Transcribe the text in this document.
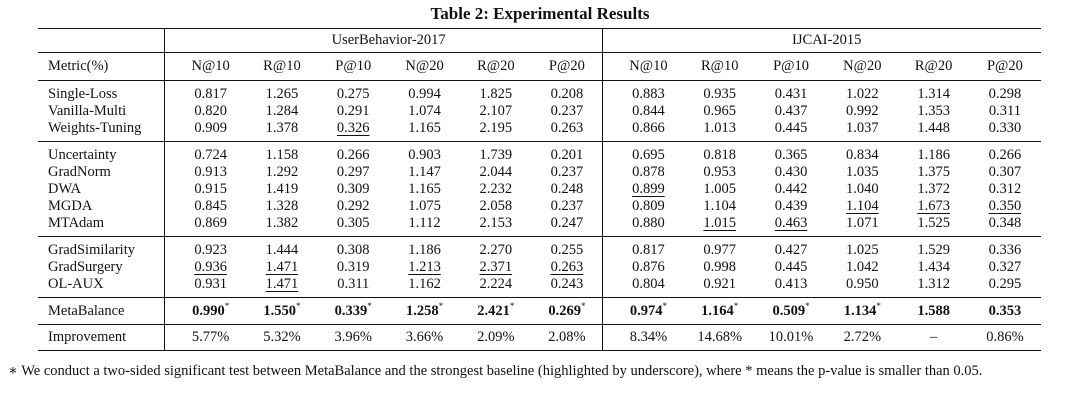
Table 2: Experimental Results
		UserBehavior-2017							IJCAI-2015					
Metric(%)		N@10	R@10	P@10	N@20	R@20	P@20		N@10	R@10	P@10	N@20	R@20	P@20
Single-Loss		0.817	1.265	0.275	0.994	1.825	0.208		0.883	0.935	0.431	1.022	1.314	0.298
Vanilla-Multi		0.820	1.284	0.291	1.074	2.107	0.237		0.844	0.965	0.437	0.992	1.353	0.311
Weights-Tuning		0.909	1.378	0.326	1.165	2.195	0.263		0.866	1.013	0.445	1.037	1.448	0.330
Uncertainty		0.724	1.158	0.266	0.903	1.739	0.201		0.695	0.818	0.365	0.834	1.186	0.266
GradNorm		0.913	1.292	0.297	1.147	2.044	0.237		0.878	0.953	0.430	1.035	1.375	0.307
DWA		0.915	1.419	0.309	1.165	2.232	0.248		0.899	1.005	0.442	1.040	1.372	0.312
MGDA		0.845	1.328	0.292	1.075	2.058	0.237		0.809	1.104	0.439	1.104	1.673	0.350
MTAdam		0.869	1.382	0.305	1.112	2.153	0.247		0.880	1.015	0.463	1.071	1.525	0.348
GradSimilarity		0.923	1.444	0.308	1.186	2.270	0.255		0.817	0.977	0.427	1.025	1.529	0.336
GradSurgery		0.936	1.471	0.319	1.213	2.371	0.263		0.876	0.998	0.445	1.042	1.434	0.327
OL-AUX		0.931	1.471	0.311	1.162	2.224	0.243		0.804	0.921	0.413	0.950	1.312	0.295
MetaBalance		0.990*	1.550*	0.339*	1.258*	2.421*	0.269*		0.974*	1.164*	0.509*	1.134*	1.588	0.353
Improvement		5.77%	5.32%	3.96%	3.66%	2.09%	2.08%		8.34%	14.68%	10.01%	2.72%	–	0.86%
∗ We conduct a two-sided significant test between MetaBalance and the strongest baseline (highlighted by underscore), where * means the p-value is smaller than 0.05.
